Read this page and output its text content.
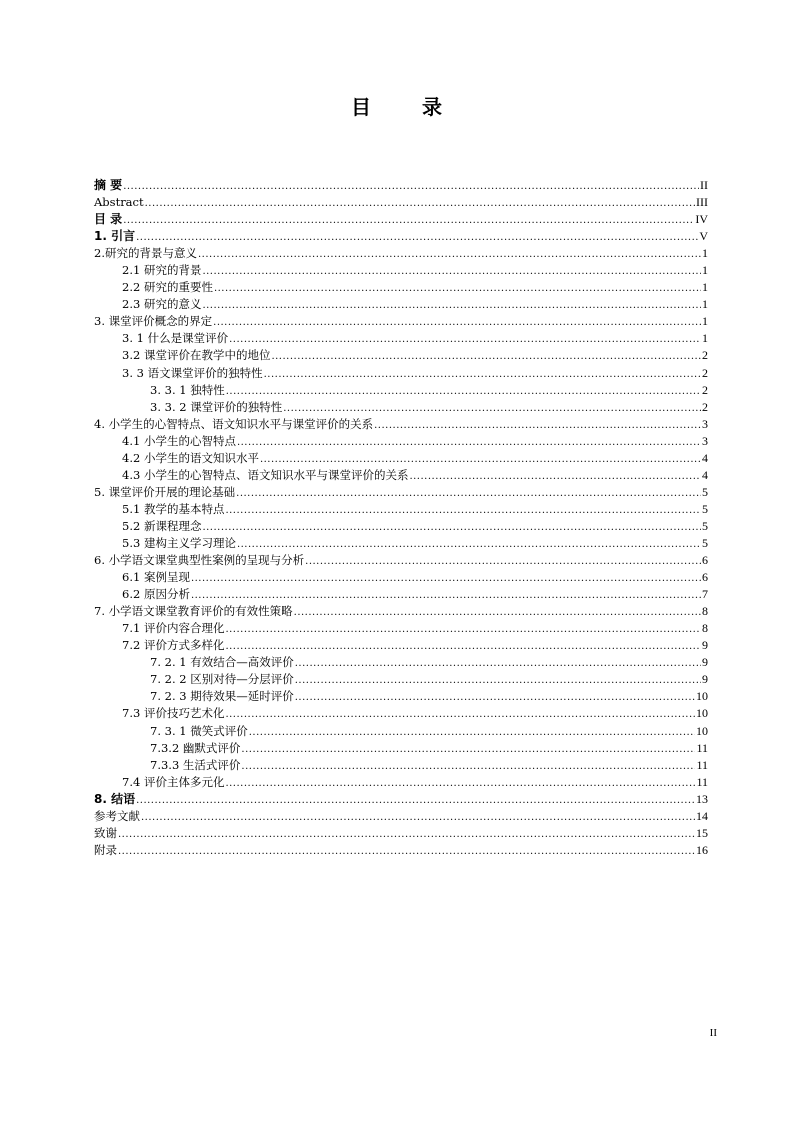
目 录
摘 要 .....	II
Abstract .....	III
目 录 .....	IV
1. 引言 .....	V
2.研究的背景与意义 .....	1
2.1 研究的背景 .....	1
2.2 研究的重要性 .....	1
2.3 研究的意义 .....	1
3. 课堂评价概念的界定 .....	1
3. 1 什么是课堂评价 .....	1
3.2 课堂评价在教学中的地位 .....	2
3. 3 语文课堂评价的独特性 .....	2
3. 3. 1 独特性 .....	2
3. 3. 2 课堂评价的独特性 .....	2
4. 小学生的心智特点、语文知识水平与课堂评价的关系 .....	3
4.1 小学生的心智特点 .....	3
4.2 小学生的语文知识水平 .....	4
4.3 小学生的心智特点、语文知识水平与课堂评价的关系 .....	4
5. 课堂评价开展的理论基础 .....	5
5.1 教学的基本特点 .....	5
5.2 新课程理念 .....	5
5.3 建构主义学习理论 .....	5
6. 小学语文课堂典型性案例的呈现与分析 .....	6
6.1 案例呈现 .....	6
6.2 原因分析 .....	7
7. 小学语文课堂教育评价的有效性策略 .....	8
7.1 评价内容合理化 .....	8
7.2 评价方式多样化 .....	9
7. 2. 1 有效结合—高效评价 .....	9
7. 2. 2 区别对待—分层评价 .....	9
7. 2. 3 期待效果—延时评价 .....	10
7.3 评价技巧艺术化 .....	10
7. 3. 1 微笑式评价 .....	10
7.3.2 幽默式评价 .....	11
7.3.3 生活式评价 .....	11
7.4 评价主体多元化 .....	11
8. 结语 .....	13
参考文献 .....	14
致谢 .....	15
附录 .....	16
II
